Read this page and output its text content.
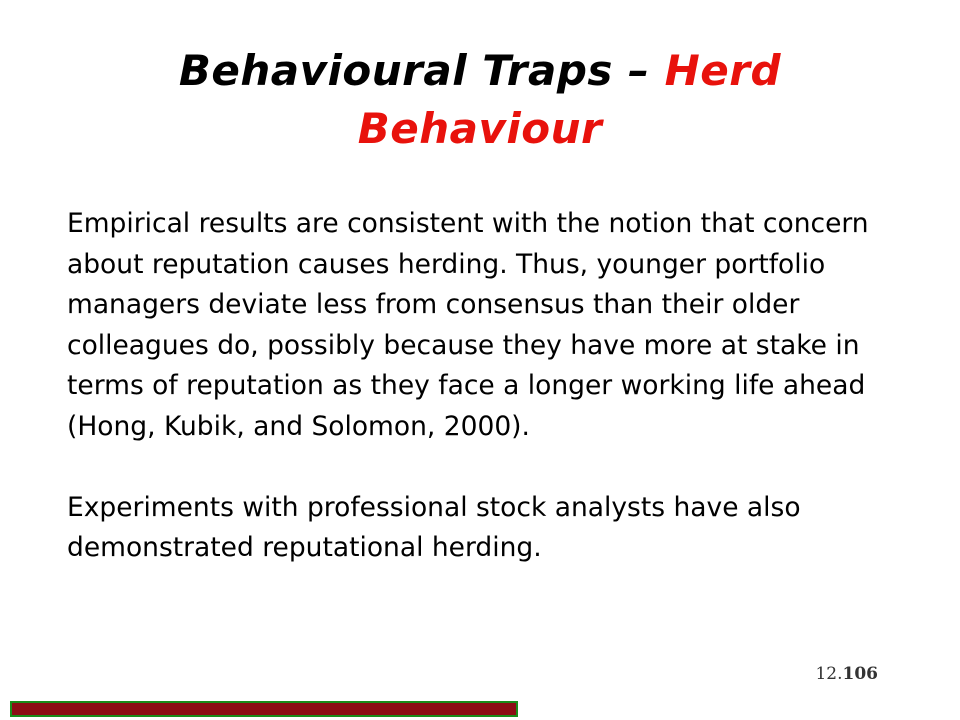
Behavioural Traps – Herd
Behaviour

Empirical results are consistent with the notion that concern about reputation causes herding. Thus, younger portfolio managers deviate less from consensus than their older colleagues do, possibly because they have more at stake in terms of reputation as they face a longer working life ahead (Hong, Kubik, and Solomon, 2000).

Experiments with professional stock analysts have also demonstrated reputational herding.

12.106
